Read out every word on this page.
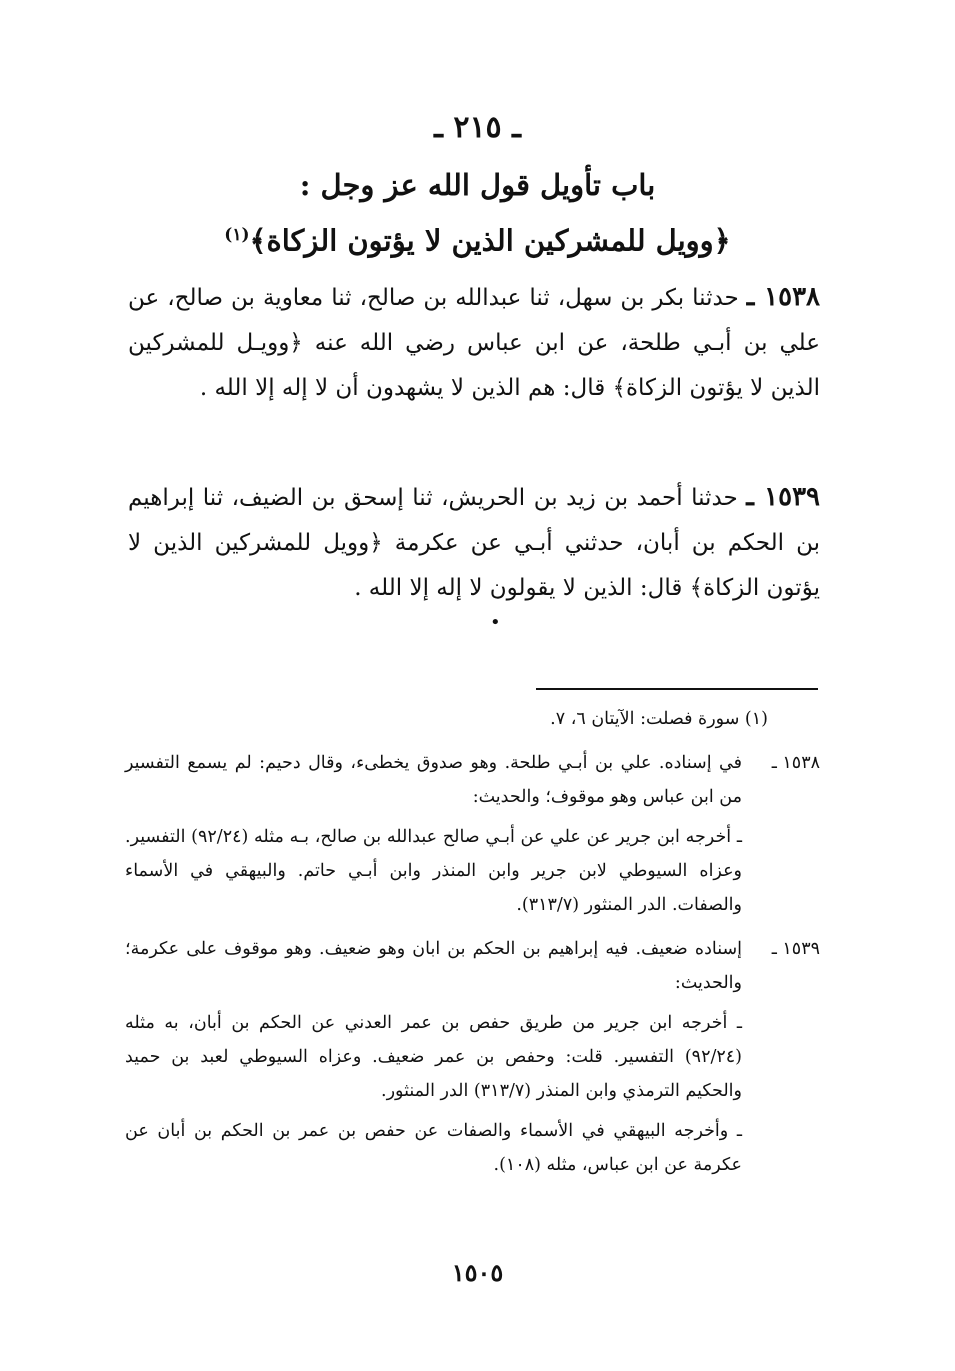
ـ ٢١٥ ـ
باب تأويل قول الله عز وجل :
﴿وويل للمشركين الذين لا يؤتون الزكاة﴾$^{(١)}$
١٥٣٨ ـ حدثنا بكر بن سهل، ثنا عبدالله بن صالح، ثنا معاوية بن صالح، عن علي بن أبـي طلحة، عن ابن عباس رضي الله عنه ﴿وويـل للمشركين الذين لا يؤتون الزكاة﴾ قال: هم الذين لا يشهدون أن لا إله إلا الله .
١٥٣٩ ـ حدثنا أحمد بن زيد بن الحريش، ثنا إسحق بن الضيف، ثنا إبراهيم بن الحكم بن أبان، حدثني أبـي عن عكرمة ﴿وويل للمشركين الذين لا يؤتون الزكاة﴾ قال: الذين لا يقولون لا إله إلا الله .
•

(١) سورة فصلت: الآيتان ٦، ٧.

١٥٣٨ ـ

في إسناده. علي بن أبـي طلحة. وهو صدوق يخطىء، وقال دحيم: لم يسمع التفسير من ابن عباس وهو موقوف؛ والحديث:

ـ أخرجه ابن جرير عن علي عن أبـي صالح عبدالله بن صالح، بـه مثله (٩٢/٢٤) التفسير. وعزاه السيوطي لابن جرير وابن المنذر وابن أبـي حاتم. والبيهقي في الأسماء والصفات. الدر المنثور (٣١٣/٧).

١٥٣٩ ـ

إسناده ضعيف. فيه إبراهيم بن الحكم بن ابان وهو ضعيف. وهو موقوف على عكرمة؛ والحديث:

ـ أخرجه ابن جرير من طريق حفص بن عمر العدني عن الحكم بن أبان، به مثله (٩٢/٢٤) التفسير. قلت: وحفص بن عمر ضعيف. وعزاه السيوطي لعبد بن حميد والحكيم الترمذي وابن المنذر (٣١٣/٧) الدر المنثور.

ـ وأخرجه البيهقي في الأسماء والصفات عن حفص بن عمر بن الحكم بن أبان عن عكرمة عن ابن عباس، مثله (١٠٨).

١٥٠٥
